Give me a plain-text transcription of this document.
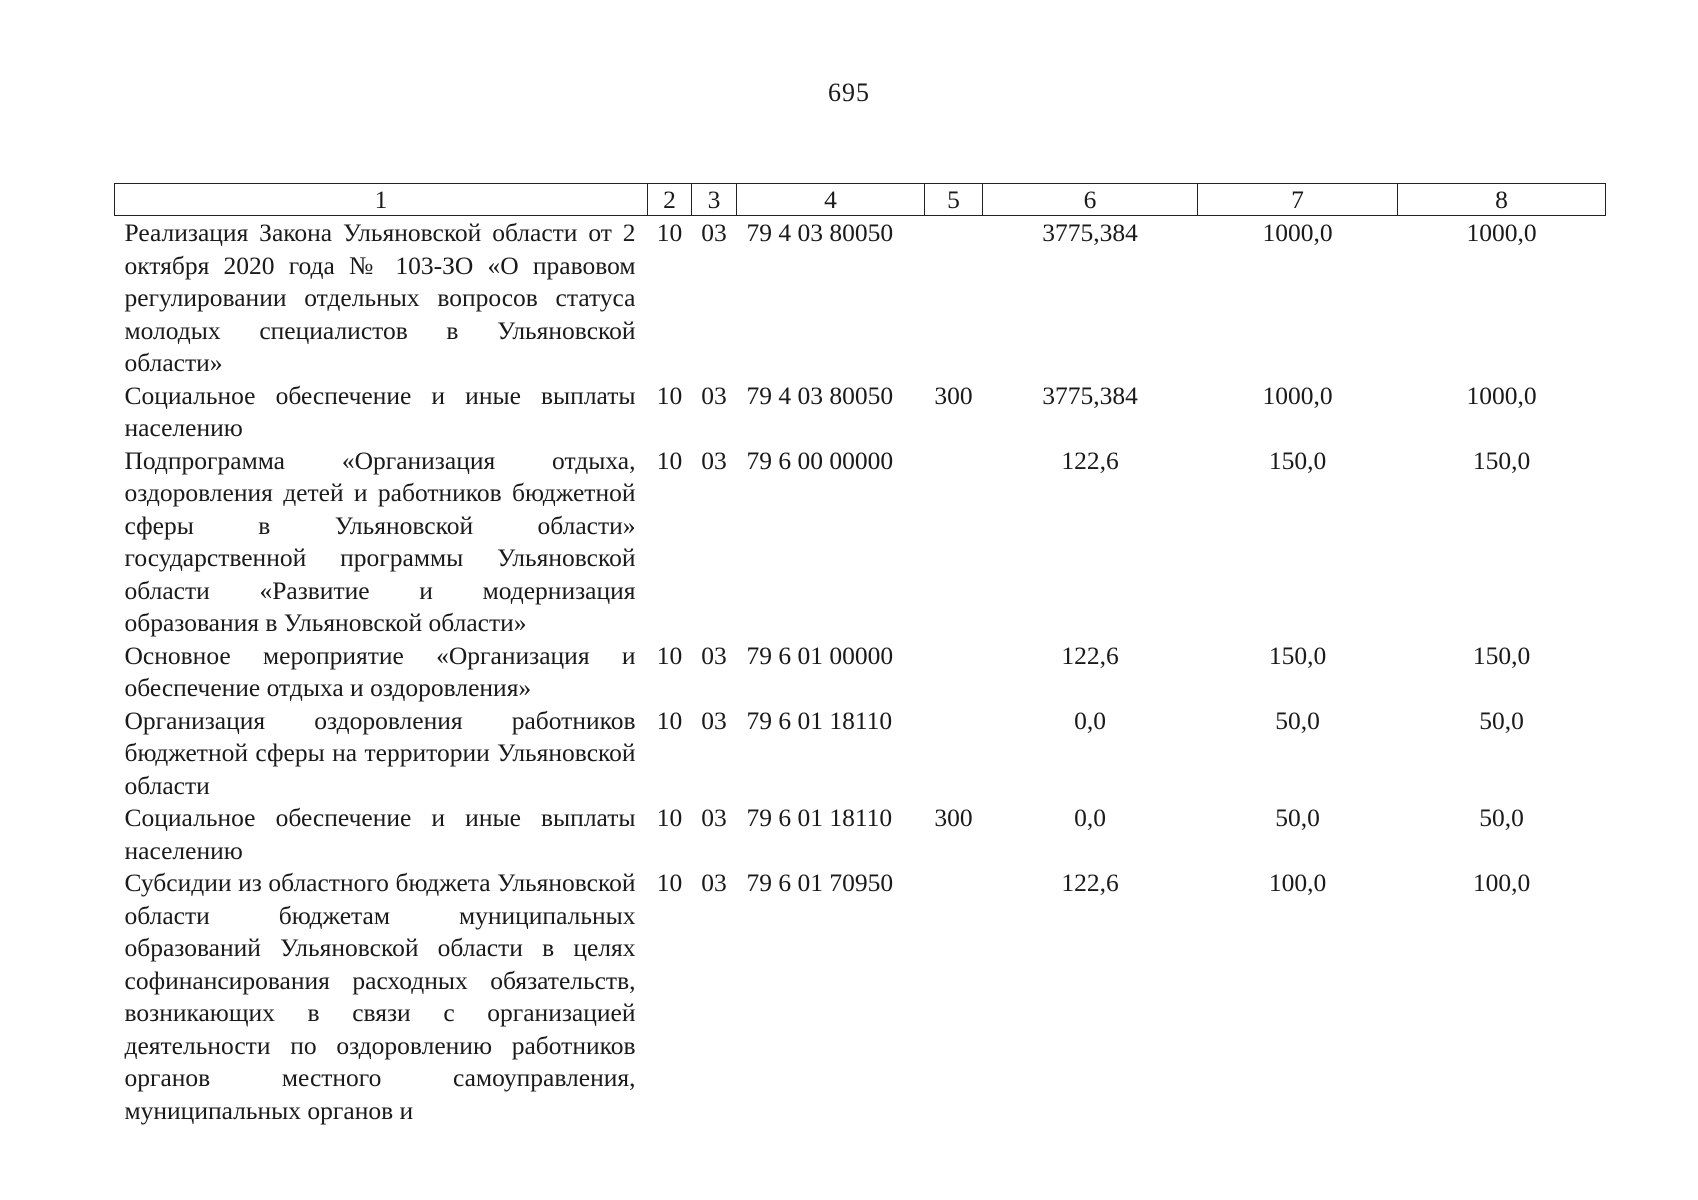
695
1	2	3	4	5	6	7	8
Реализация Закона Ульяновской области от 2 октября 2020 года № 103-ЗО «О правовом регулировании отдельных вопросов статуса молодых специалистов в Ульяновской области»	10	03	79 4 03 80050		3775,384	1000,0	1000,0
Социальное обеспечение и иные выплаты населению	10	03	79 4 03 80050	300	3775,384	1000,0	1000,0
Подпрограмма «Организация отдыха, оздоровления детей и работников бюджетной сферы в Ульяновской области» государственной программы Ульяновской области «Развитие и модернизация образования в Ульяновской области»	10	03	79 6 00 00000		122,6	150,0	150,0
Основное мероприятие «Организация и обеспечение отдыха и оздоровления»	10	03	79 6 01 00000		122,6	150,0	150,0
Организация оздоровления работников бюджетной сферы на территории Ульяновской области	10	03	79 6 01 18110		0,0	50,0	50,0
Социальное обеспечение и иные выплаты населению	10	03	79 6 01 18110	300	0,0	50,0	50,0
Субсидии из областного бюджета Ульяновской области бюджетам муниципальных образований Ульяновской области в целях софинансирования расходных обязательств, возникающих в связи с организацией деятельности по оздоровлению работников органов местного самоуправления, муниципальных органов и	10	03	79 6 01 70950		122,6	100,0	100,0
